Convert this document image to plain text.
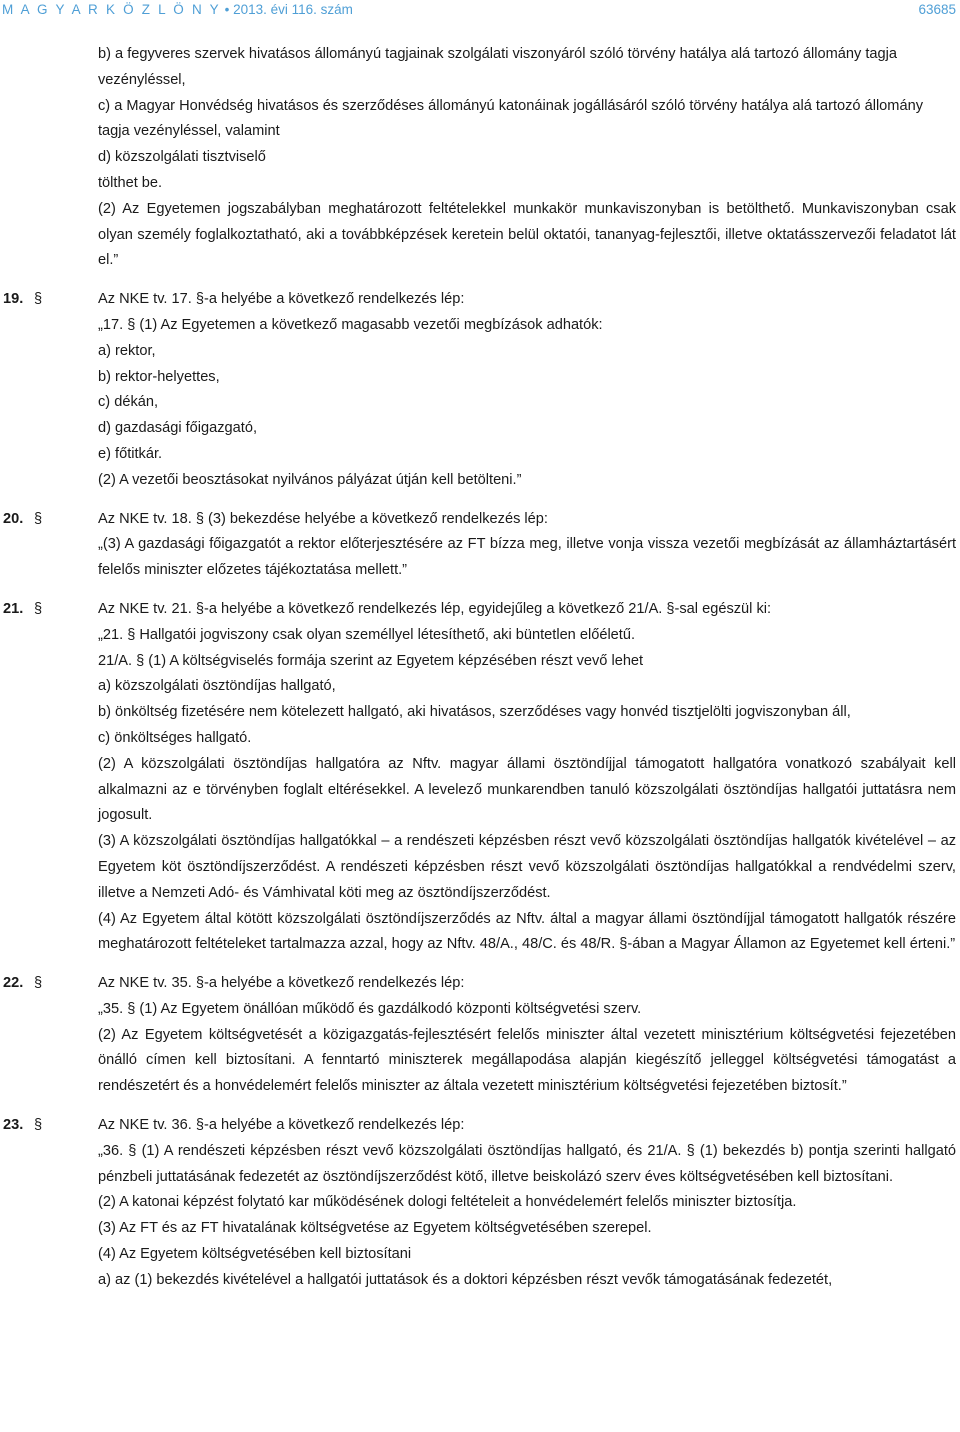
M A G Y A R K Ö Z L Ö N Y • 2013. évi 116. szám	63685
b) a fegyveres szervek hivatásos állományú tagjainak szolgálati viszonyáról szóló törvény hatálya alá tartozó állomány tagja vezényléssel,
c) a Magyar Honvédség hivatásos és szerződéses állományú katonáinak jogállásáról szóló törvény hatálya alá tartozó állomány tagja vezényléssel, valamint
d) közszolgálati tisztviselő
tölthet be.
(2) Az Egyetemen jogszabályban meghatározott feltételekkel munkakör munkaviszonyban is betölthető. Munkaviszonyban csak olyan személy foglalkoztatható, aki a továbbképzések keretein belül oktatói, tananyag-fejlesztői, illetve oktatásszervezői feladatot lát el.”
19. §	Az NKE tv. 17. §-a helyébe a következő rendelkezés lép:
„17. § (1) Az Egyetemen a következő magasabb vezetői megbízások adhatók:
a) rektor,
b) rektor-helyettes,
c) dékán,
d) gazdasági főigazgató,
e) főtitkár.
(2) A vezetői beosztásokat nyilvános pályázat útján kell betölteni.”
20. §	Az NKE tv. 18. § (3) bekezdése helyébe a következő rendelkezés lép:
„(3) A gazdasági főigazgatót a rektor előterjesztésére az FT bízza meg, illetve vonja vissza vezetői megbízását az államháztartásért felelős miniszter előzetes tájékoztatása mellett.”
21. §	Az NKE tv. 21. §-a helyébe a következő rendelkezés lép, egyidejűleg a következő 21/A. §-sal egészül ki:
„21. § Hallgatói jogviszony csak olyan személlyel létesíthető, aki büntetlen előéletű.
21/A. § (1) A költségviselés formája szerint az Egyetem képzésében részt vevő lehet
a) közszolgálati ösztöndíjas hallgató,
b) önköltség fizetésére nem kötelezett hallgató, aki hivatásos, szerződéses vagy honvéd tisztjelölti jogviszonyban áll,
c) önköltséges hallgató.
(2) A közszolgálati ösztöndíjas hallgatóra az Nftv. magyar állami ösztöndíjjal támogatott hallgatóra vonatkozó szabályait kell alkalmazni az e törvényben foglalt eltérésekkel. A levelező munkarendben tanuló közszolgálati ösztöndíjas hallgatói juttatásra nem jogosult.
(3) A közszolgálati ösztöndíjas hallgatókkal – a rendészeti képzésben részt vevő közszolgálati ösztöndíjas hallgatók kivételével – az Egyetem köt ösztöndíjszerződést. A rendészeti képzésben részt vevő közszolgálati ösztöndíjas hallgatókkal a rendvédelmi szerv, illetve a Nemzeti Adó- és Vámhivatal köti meg az ösztöndíjszerződést.
(4) Az Egyetem által kötött közszolgálati ösztöndíjszerződés az Nftv. által a magyar állami ösztöndíjjal támogatott hallgatók részére meghatározott feltételeket tartalmazza azzal, hogy az Nftv. 48/A., 48/C. és 48/R. §-ában a Magyar Államon az Egyetemet kell érteni.”
22. §	Az NKE tv. 35. §-a helyébe a következő rendelkezés lép:
„35. § (1) Az Egyetem önállóan működő és gazdálkodó központi költségvetési szerv.
(2) Az Egyetem költségvetését a közigazgatás-fejlesztésért felelős miniszter által vezetett minisztérium költségvetési fejezetében önálló címen kell biztosítani. A fenntartó miniszterek megállapodása alapján kiegészítő jelleggel költségvetési támogatást a rendészetért és a honvédelemért felelős miniszter az általa vezetett minisztérium költségvetési fejezetében biztosít.”
23. §	Az NKE tv. 36. §-a helyébe a következő rendelkezés lép:
„36. § (1) A rendészeti képzésben részt vevő közszolgálati ösztöndíjas hallgató, és 21/A. § (1) bekezdés b) pontja szerinti hallgató pénzbeli juttatásának fedezetét az ösztöndíjszerződést kötő, illetve beiskolázó szerv éves költségvetésében kell biztosítani.
(2) A katonai képzést folytató kar működésének dologi feltételeit a honvédelemért felelős miniszter biztosítja.
(3) Az FT és az FT hivatalának költségvetése az Egyetem költségvetésében szerepel.
(4) Az Egyetem költségvetésében kell biztosítani
a) az (1) bekezdés kivételével a hallgatói juttatások és a doktori képzésben részt vevők támogatásának fedezetét,
